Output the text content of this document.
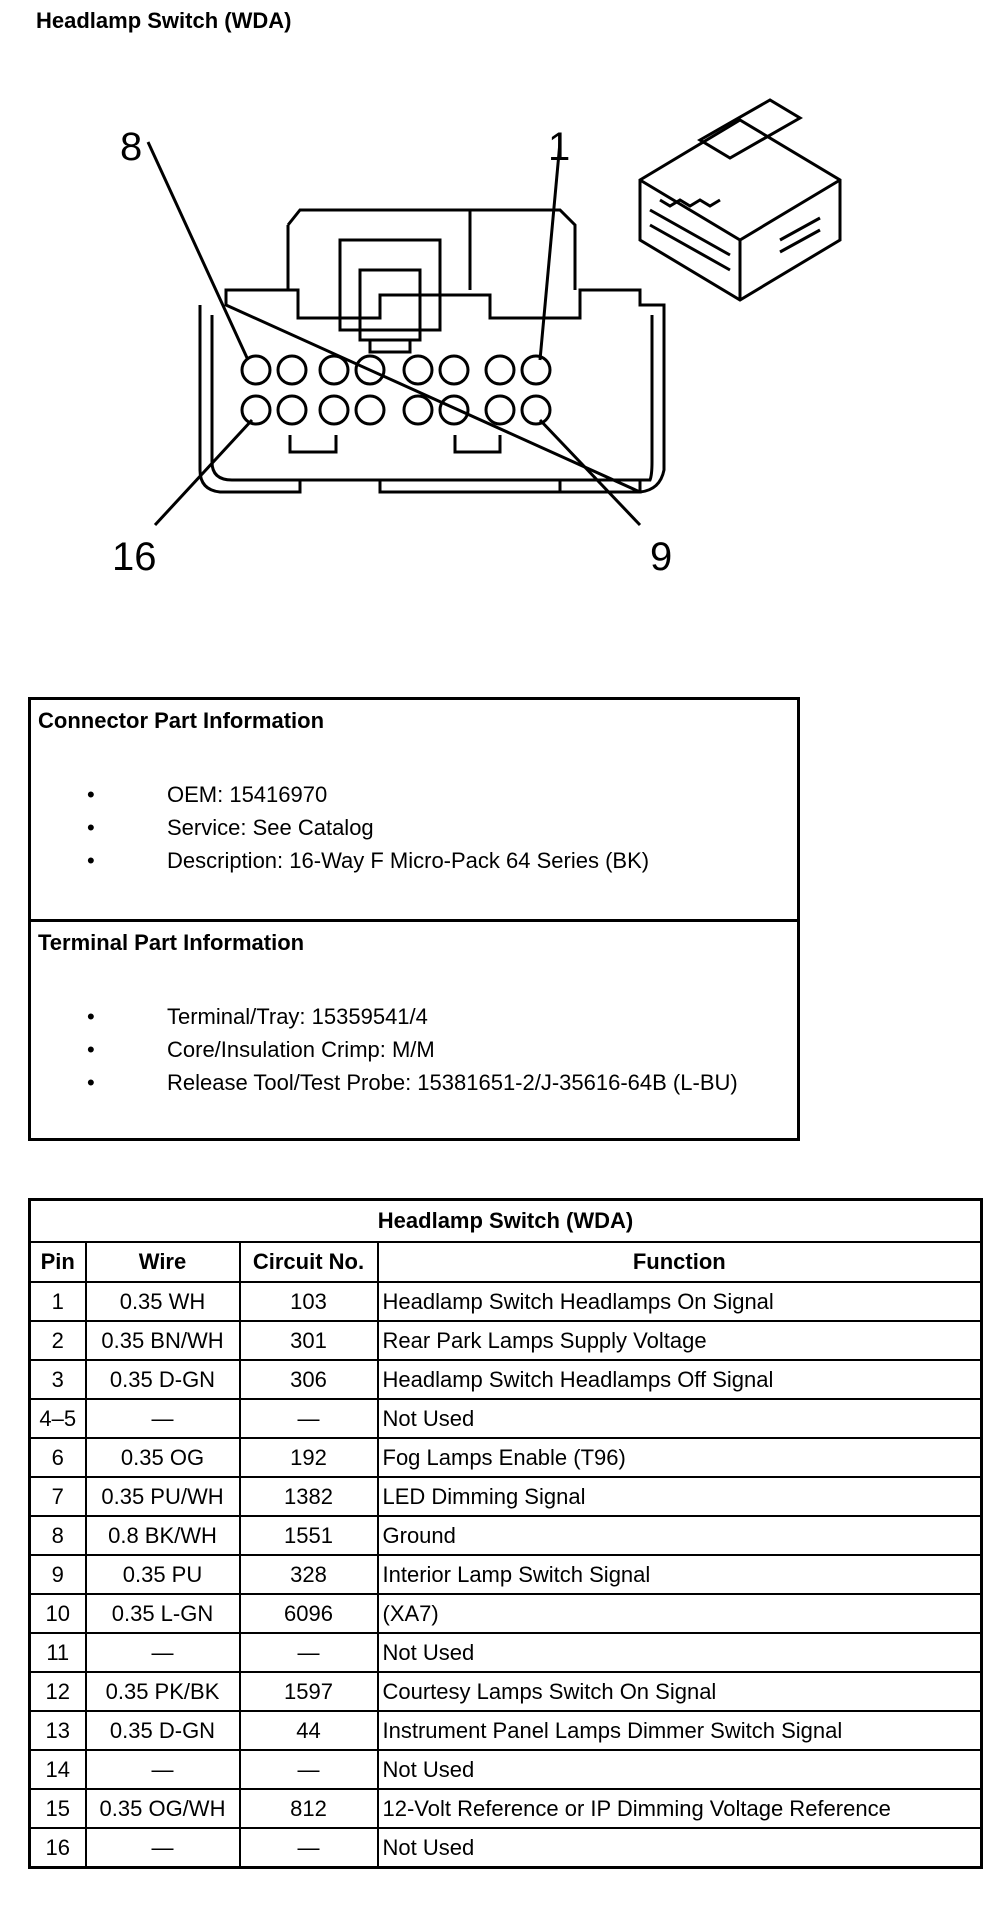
Headlamp Switch (WDA)
8	1
16	9
Connector Part Information
•	OEM: 15416970
•	Service: See Catalog
•	Description: 16-Way F Micro-Pack 64 Series (BK)
Terminal Part Information
•	Terminal/Tray: 15359541/4
•	Core/Insulation Crimp: M/M
•	Release Tool/Test Probe: 15381651-2/J-35616-64B (L-BU)
Headlamp Switch (WDA)			
Pin	Wire	Circuit No.	Function
1	0.35 WH	103	Headlamp Switch Headlamps On Signal
2	0.35 BN/WH	301	Rear Park Lamps Supply Voltage
3	0.35 D-GN	306	Headlamp Switch Headlamps Off Signal
4–5	—	—	Not Used
6	0.35 OG	192	Fog Lamps Enable (T96)
7	0.35 PU/WH	1382	LED Dimming Signal
8	0.8 BK/WH	1551	Ground
9	0.35 PU	328	Interior Lamp Switch Signal
10	0.35 L-GN	6096	(XA7)
11	—	—	Not Used
12	0.35 PK/BK	1597	Courtesy Lamps Switch On Signal
13	0.35 D-GN	44	Instrument Panel Lamps Dimmer Switch Signal
14	—	—	Not Used
15	0.35 OG/WH	812	12-Volt Reference or IP Dimming Voltage Reference
16	—	—	Not Used
